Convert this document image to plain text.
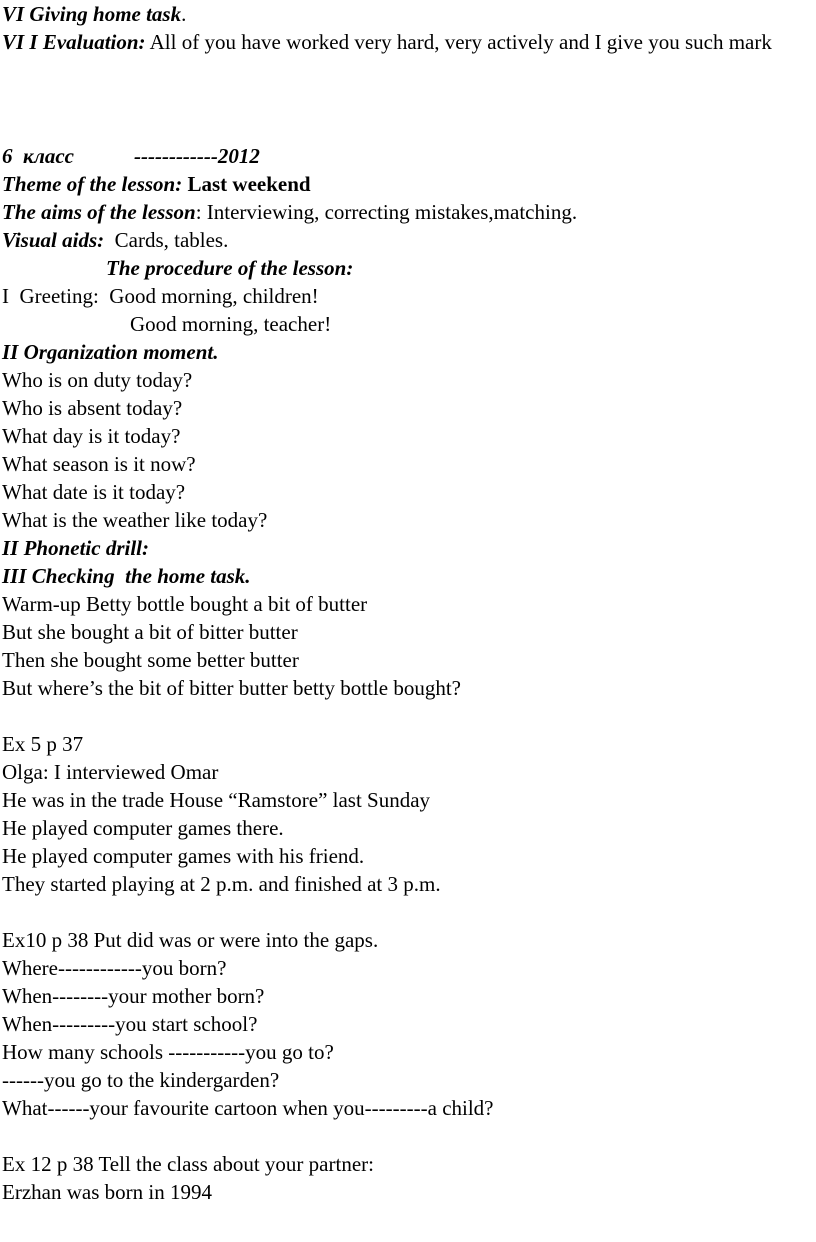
VI Giving home task.
VI I Evaluation: All of you have worked very hard, very actively and I give you such mark
6  класс	------------2012
Theme of the lesson: Last weekend
The aims of the lesson: Interviewing, correcting mistakes,matching.
Visual aids: Cards, tables.
The procedure of the lesson:
I  Greeting: Good morning, children!
Good morning, teacher!
II Organization moment.
Who is on duty today?
Who is absent today?
What day is it today?
What season is it now?
What date is it today?
What is the weather like today?
II Phonetic drill:
III Checking  the home task.
Warm-up Betty bottle bought a bit of butter
But she bought a bit of bitter butter
Then she bought some better butter
But where’s the bit of bitter butter betty bottle bought?
Ex 5 p 37
Olga: I interviewed Omar
He was in the trade House “Ramstore” last Sunday
He played computer games there.
He played computer games with his friend.
They started playing at 2 p.m. and finished at 3 p.m.
Ex10 p 38 Put did was or were into the gaps.
Where------------you born?
When--------your mother born?
When---------you start school?
How many schools -----------you go to?
------you go to the kindergarden?
What------your favourite cartoon when you---------a child?
Ex 12 p 38 Tell the class about your partner:
Erzhan was born in 1994
